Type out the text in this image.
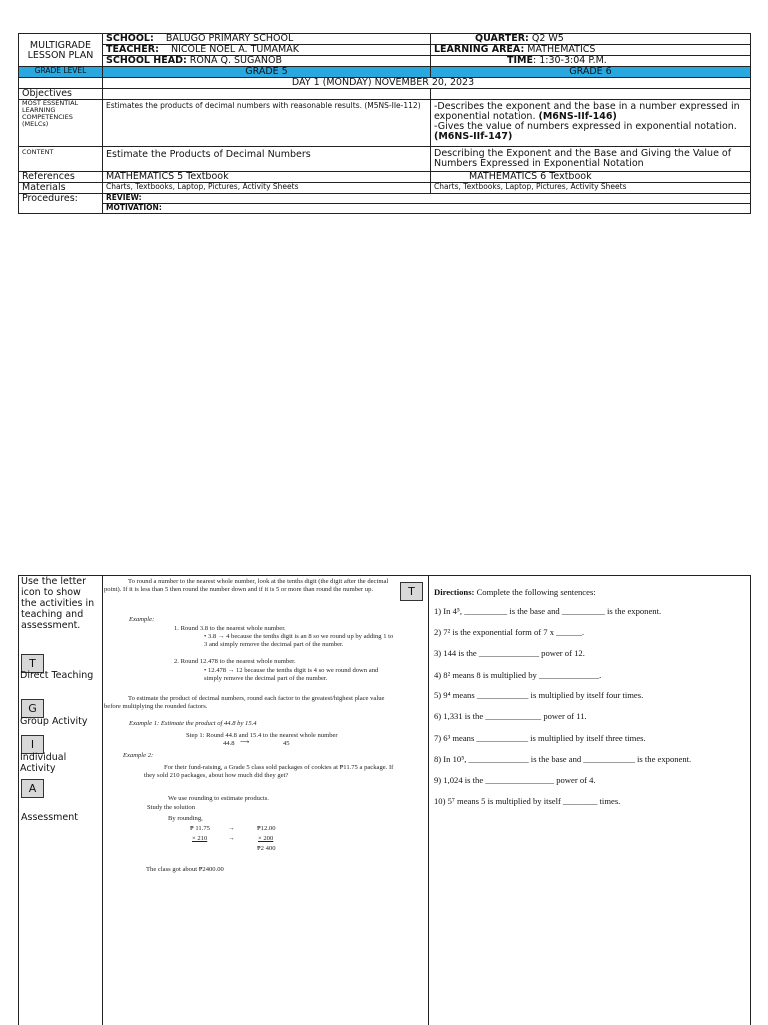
MULTIGRADE LESSON PLAN	SCHOOL: BALUGO PRIMARY SCHOOL	QUARTER: Q2 W5
	TEACHER: NICOLE NOEL A. TUMAMAK	LEARNING AREA: MATHEMATICS
	SCHOOL HEAD: RONA Q. SUGANOB	TIME: 1:30-3:04 P.M.
GRADE LEVEL	GRADE 5	GRADE 6
	DAY 1 (MONDAY) NOVEMBER 20, 2023	
Objectives		
MOST ESSENTIAL LEARNING COMPETENCIES (MELCs)	Estimates the products of decimal numbers with reasonable results. (M5NS-IIe-112)	-Describes the exponent and the base in a number expressed in exponential notation. (M6NS-IIf-146)
-Gives the value of numbers expressed in exponential notation.
(M6NS-IIf-147)
CONTENT	Estimate the Products of Decimal Numbers	Describing the Exponent and the Base and Giving the Value of Numbers Expressed in Exponential Notation
References	MATHEMATICS 5 Textbook	MATHEMATICS 6 Textbook
Materials	Charts, Textbooks, Laptop, Pictures, Activity Sheets	Charts, Textbooks, Laptop, Pictures, Activity Sheets
Procedures:	REVIEW:	
	MOTIVATION:	
Use the letter icon to show the activities in teaching and assessment.
T
Direct Teaching
G
Group Activity
I
Individual Activity
A
Assessment
To round a number to the nearest whole number, look at the tenths digit (the digit after the decimal point). If it is less than 5 then round the number down and if it is 5 or more than round the number up.
Example:
1. Round 3.8 to the nearest whole number.
• 3.8 → 4 because the tenths digit is an 8 so we round up by adding 1 to 3 and simply remove the decimal part of the number.
2. Round 12.478 to the nearest whole number.
• 12.478 → 12 because the tenths digit is 4 so we round down and simply remove the decimal part of the number.
To estimate the product of decimal numbers, round each factor to the greatest/highest place value before multiplying the rounded factors.
Example 1: Estimate the product of 44.8 by 15.4
Step 1: Round 44.8 and 15.4 to the nearest whole number
44.8 ⟶	45
Example 2:
For their fund-raising, a Grade 5 class sold packages of cookies at ₱11.75 a package. If they sold 210 packages, about how much did they get?
We use rounding to estimate products.
Study the solution
By rounding,
₱ 11.75	→	₱12.00
× 210	→	× 200
₱2 400
The class got about ₱2400.00
T	Directions: Complete the following sentences:
1) In 4⁵, __________ is the base and __________ is the exponent.
2) 7² is the exponential form of 7 x ______.
3) 144 is the ______________ power of 12.
4) 8² means 8 is multiplied by ______________.
5) 9⁴ means ____________ is multiplied by itself four times.
6) 1,331 is the _____________ power of 11.
7) 6³ means ____________ is multiplied by itself three times.
8) In 10⁵, ______________ is the base and ____________ is the exponent.
9) 1,024 is the ________________ power of 4.
10) 5⁷ means 5 is multiplied by itself ________ times.
